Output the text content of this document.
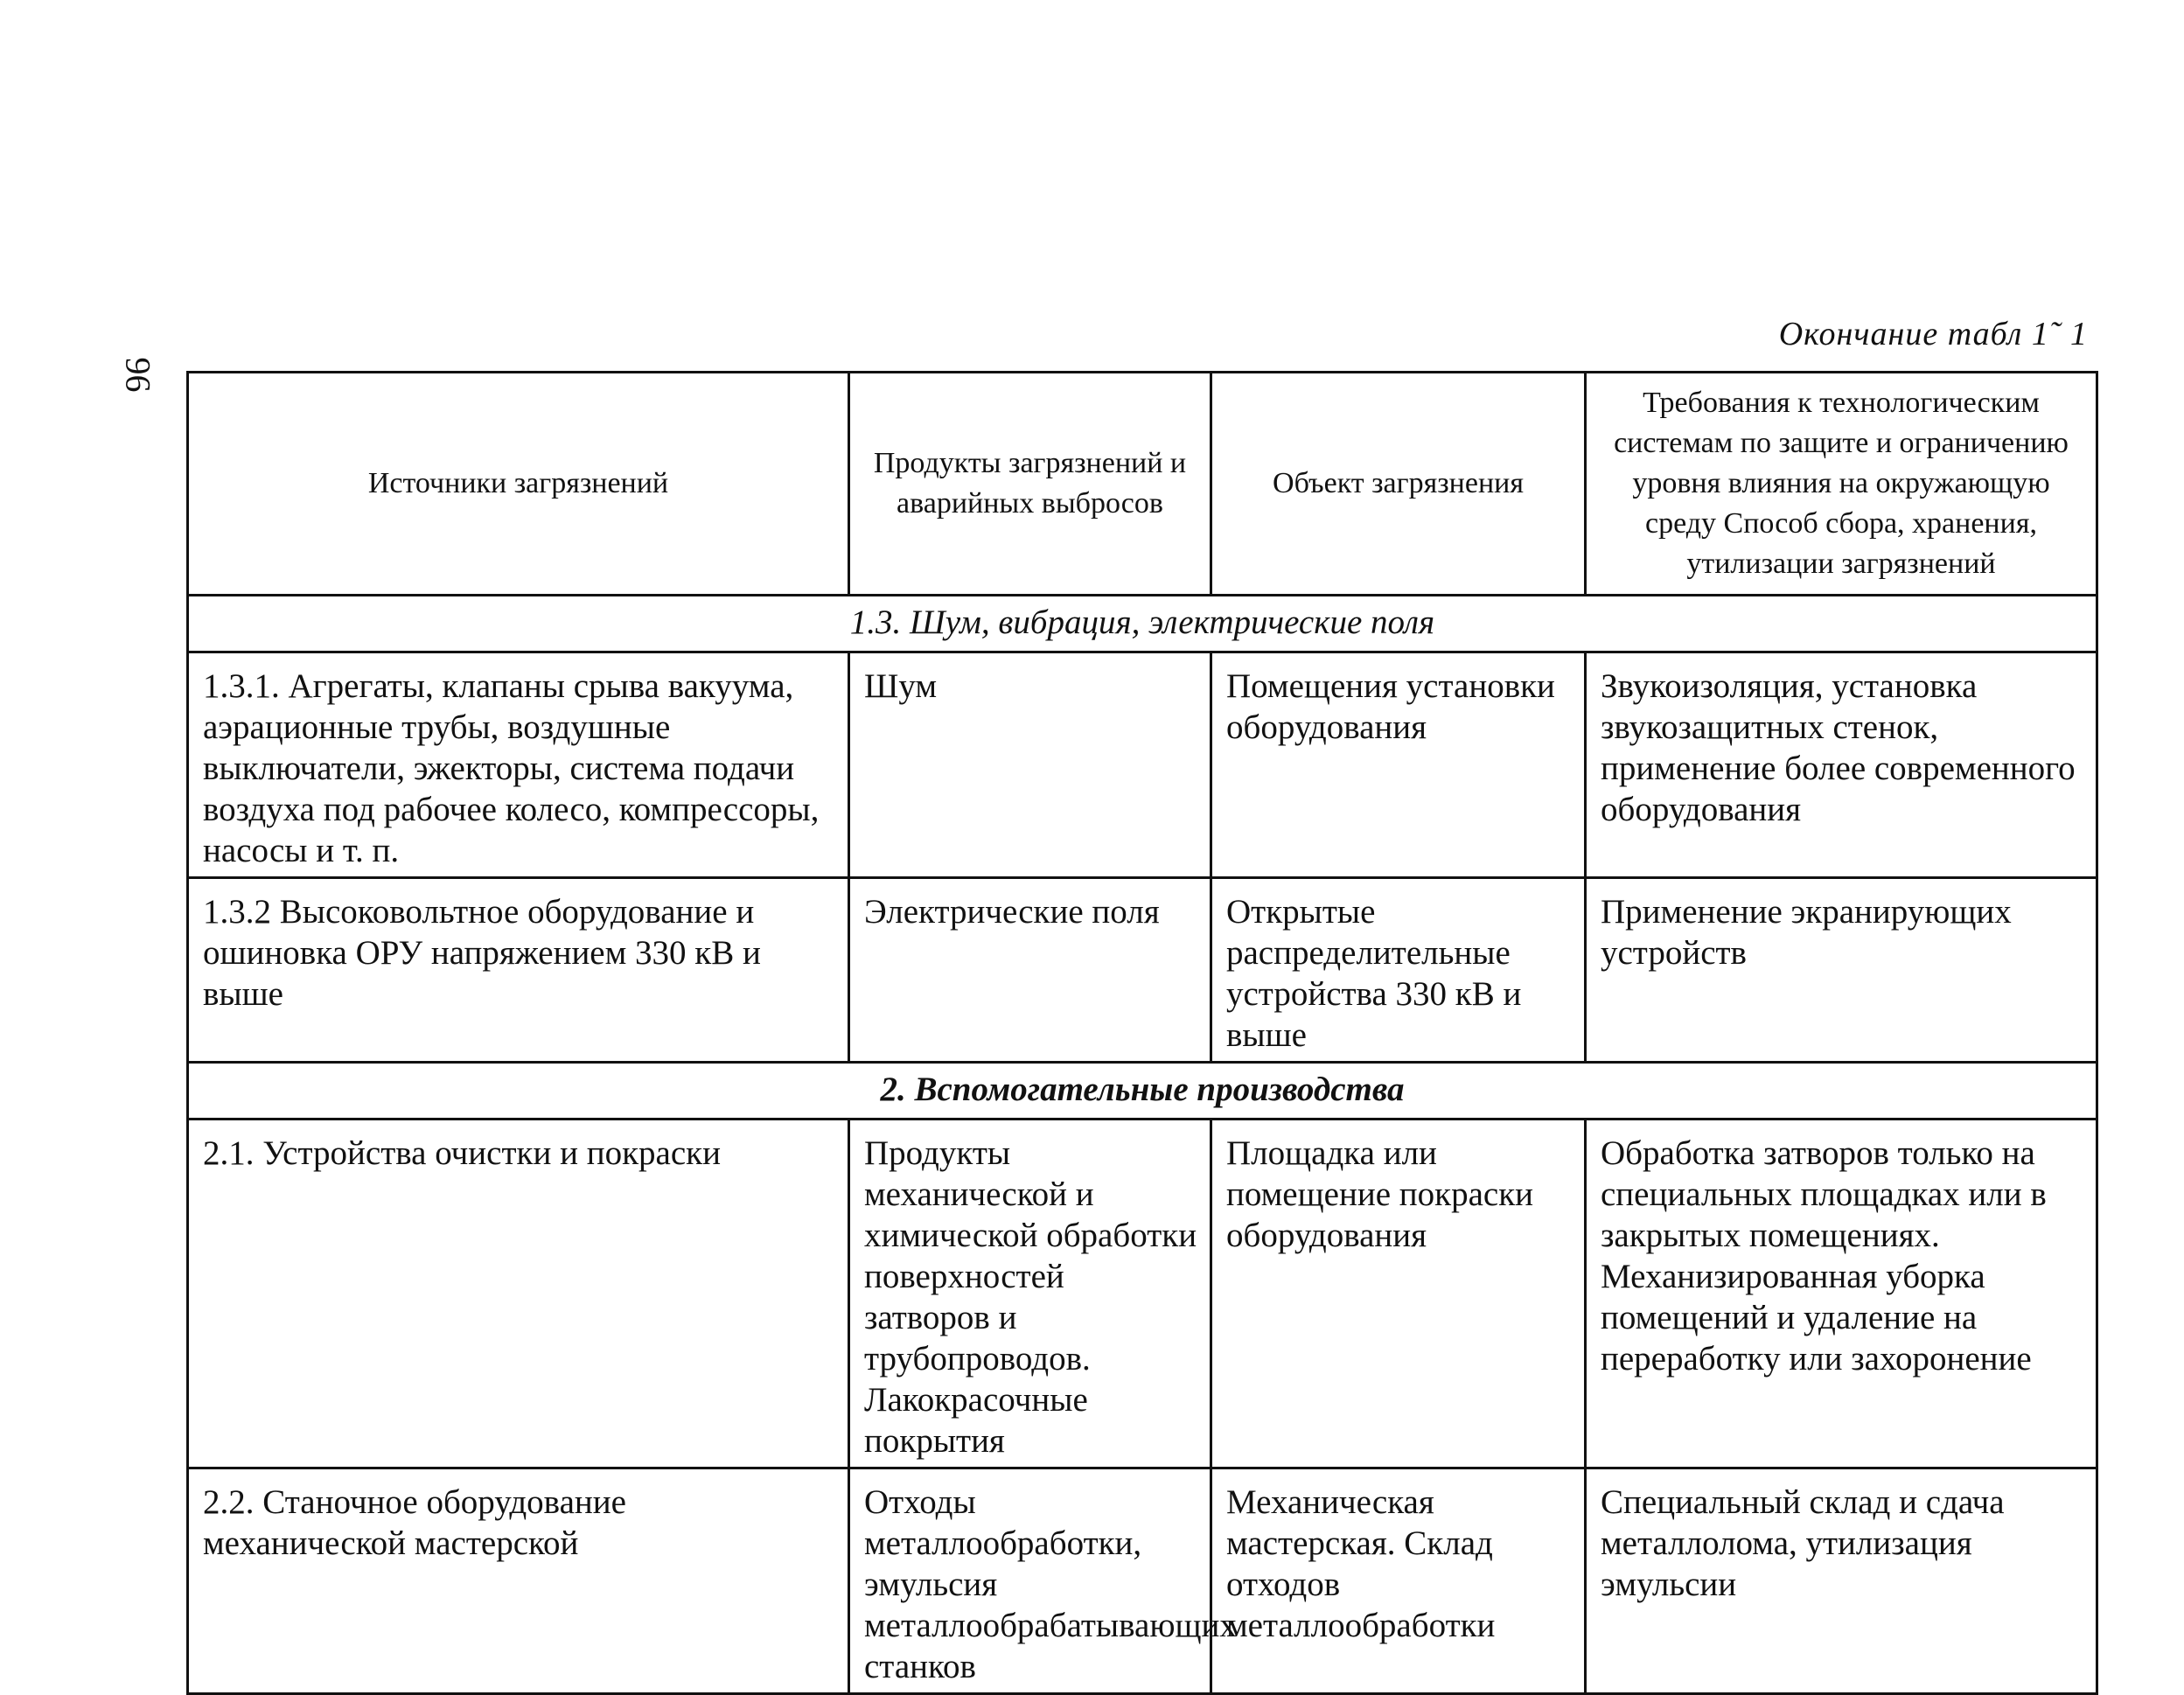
96
Окончание табл 1˜ 1
Источники загрязнений	Продукты загрязнений и аварийных выбросов	Объект загрязнения	Требования к технологическим системам по защите и ограничению уровня влияния на окружающую среду Способ сбора, хранения, утилизации загрязнений
1.3. Шум, вибрация, электрические поля			
1.3.1. Агрегаты, клапаны срыва вакуума, аэрационные трубы, воздушные выключатели, эжекторы, система подачи воздуха под рабочее колесо, компрессоры, насосы и т. п.	Шум	Помещения установки оборудования	Звукоизоляция, установка звукозащитных стенок, применение более современного оборудования
1.3.2 Высоковольтное оборудование и ошиновка ОРУ напряжением 330 кВ и выше	Электрические поля	Открытые распределительные устройства 330 кВ и выше	Применение экранирующих устройств
2. Вспомогательные производства			
2.1. Устройства очистки и покраски	Продукты механической и химической обработки поверхностей затворов и трубопроводов. Лакокрасочные покрытия	Площадка или помещение покраски оборудования	Обработка затворов только на специальных площадках или в закрытых помещениях. Механизированная уборка помещений и удаление на переработку или захоронение
2.2. Станочное оборудование механической мастерской	Отходы металлообработки, эмульсия металлообрабатывающих станков	Механическая мастерская. Склад отходов металлообработки	Специальный склад и сдача металлолома, утилизация эмульсии
